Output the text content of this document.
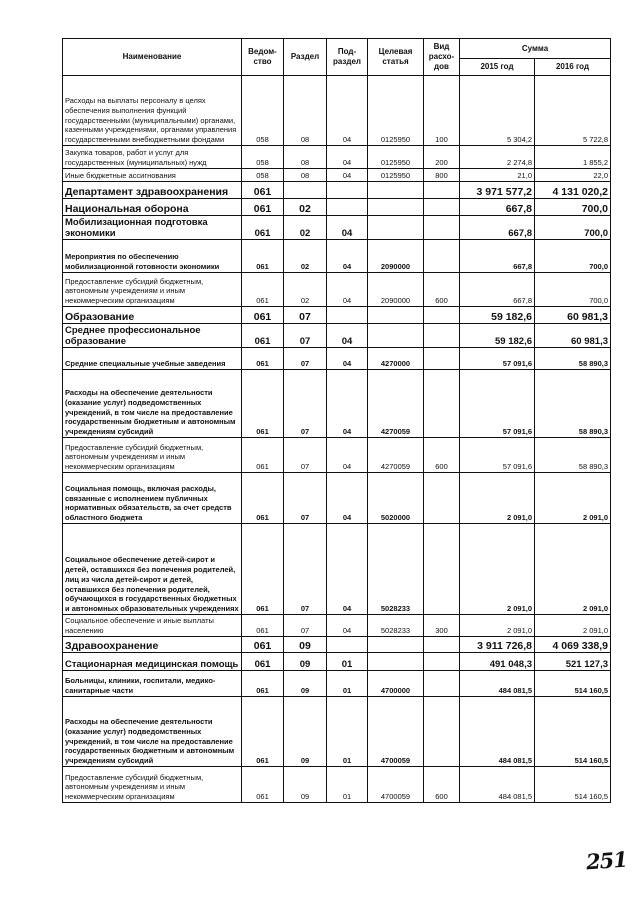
Наименование	Ведом-ство	Раздел	Под-раздел	Целевая статья	Вид расхо-дов	Сумма	
						2015 год	2016 год
Расходы на выплаты персоналу в целях обеспечения выполнения функций государственными (муниципальными) органами, казенными учреждениями, органами управления государственными внебюджетными фондами	058	08	04	0125950	100	5 304,2	5 722,8
Закупка товаров, работ и услуг для государственных (муниципальных) нужд	058	08	04	0125950	200	2 274,8	1 855,2
Иные бюджетные ассигнования	058	08	04	0125950	800	21,0	22,0
Департамент здравоохранения	061					3 971 577,2	4 131 020,2
Национальная оборона	061	02				667,8	700,0
Мобилизационная подготовка экономики	061	02	04			667,8	700,0
Мероприятия по обеспечению мобилизационной готовности экономики	061	02	04	2090000		667,8	700,0
Предоставление субсидий бюджетным, автономным учреждениям и иным некоммерческим организациям	061	02	04	2090000	600	667,8	700,0
Образование	061	07				59 182,6	60 981,3
Среднее профессиональное образование	061	07	04			59 182,6	60 981,3
Средние специальные учебные заведения	061	07	04	4270000		57 091,6	58 890,3
Расходы на обеспечение деятельности (оказание услуг) подведомственных учреждений, в том числе на предоставление государственным бюджетным и автономным учреждениям субсидий	061	07	04	4270059		57 091,6	58 890,3
Предоставление субсидий бюджетным, автономным учреждениям и иным некоммерческим организациям	061	07	04	4270059	600	57 091,6	58 890,3
Социальная помощь, включая расходы, связанные с исполнением публичных нормативных обязательств, за счет средств областного бюджета	061	07	04	5020000		2 091,0	2 091,0
Социальное обеспечение детей-сирот и детей, оставшихся без попечения родителей, лиц из числа детей-сирот и детей, оставшихся без попечения родителей, обучающихся в государственных бюджетных и автономных образовательных учреждениях	061	07	04	5028233		2 091,0	2 091,0
Социальное обеспечение и иные выплаты населению	061	07	04	5028233	300	2 091,0	2 091,0
Здравоохранение	061	09				3 911 726,8	4 069 338,9
Стационарная медицинская помощь	061	09	01			491 048,3	521 127,3
Больницы, клиники, госпитали, медико-санитарные части	061	09	01	4700000		484 081,5	514 160,5
Расходы на обеспечение деятельности (оказание услуг) подведомственных учреждений, в том числе на предоставление государственных бюджетным и автономным учреждениям субсидий	061	09	01	4700059		484 081,5	514 160,5
Предоставление субсидий бюджетным, автономным учреждениям и иным некоммерческим организациям	061	09	01	4700059	600	484 081,5	514 160,5
251
